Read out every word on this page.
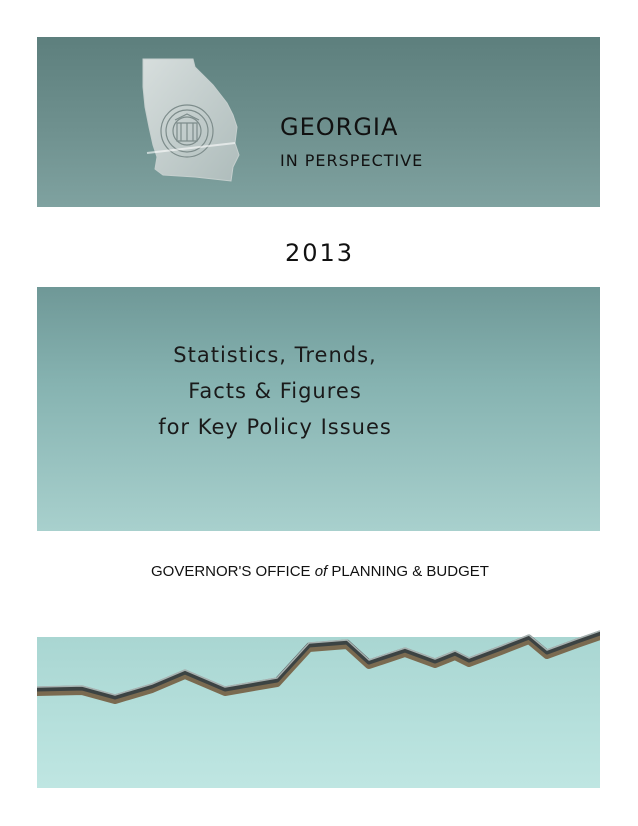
GEORGIA
IN PERSPECTIVE
2013
Statistics, Trends,
Facts & Figures
for Key Policy Issues
GOVERNOR'S OFFICE of PLANNING & BUDGET
